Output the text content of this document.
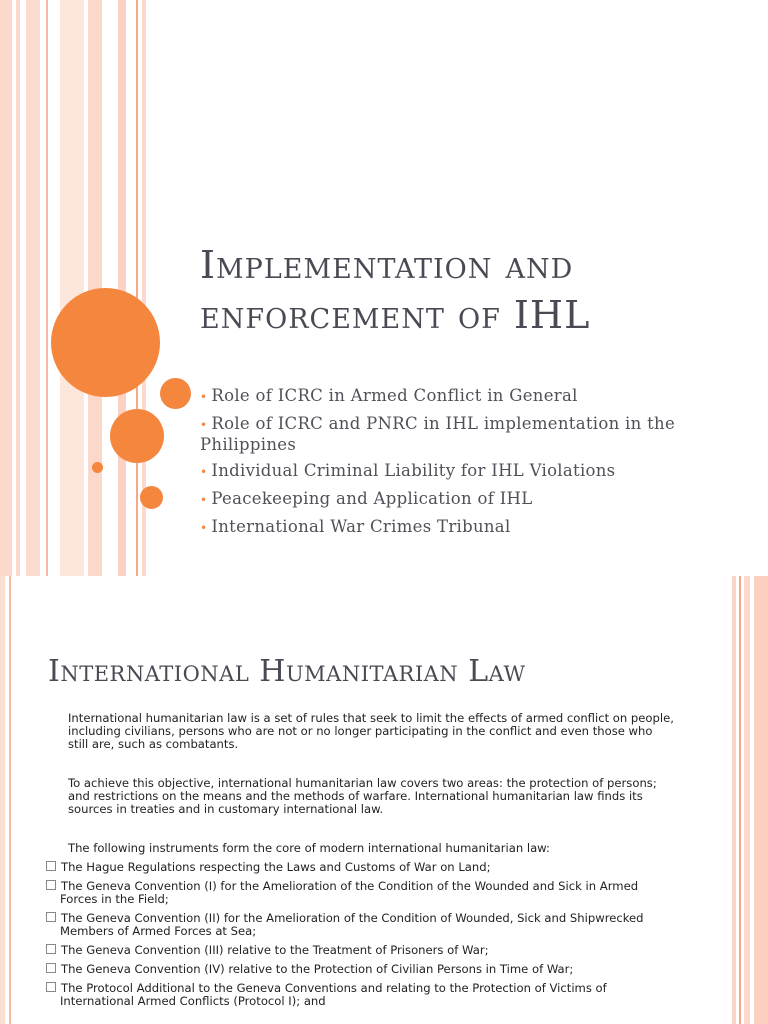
Implementation and
enforcement of IHL
• Role of ICRC in Armed Conflict in General
• Role of ICRC and PNRC in IHL implementation in the Philippines
• Individual Criminal Liability for IHL Violations
• Peacekeeping and Application of IHL
• International War Crimes Tribunal
International Humanitarian Law

International humanitarian law is a set of rules that seek to limit the effects of armed conflict on people, including civilians, persons who are not or no longer participating in the conflict and even those who still are, such as combatants.

To achieve this objective, international humanitarian law covers two areas: the protection of persons; and restrictions on the means and the methods of warfare. International humanitarian law finds its sources in treaties and in customary international law.

The following instruments form the core of modern international humanitarian law:

The Hague Regulations respecting the Laws and Customs of War on Land;

The Geneva Convention (I) for the Amelioration of the Condition of the Wounded and Sick in Armed Forces in the Field;

The Geneva Convention (II) for the Amelioration of the Condition of Wounded, Sick and Shipwrecked Members of Armed Forces at Sea;

The Geneva Convention (III) relative to the Treatment of Prisoners of War;

The Geneva Convention (IV) relative to the Protection of Civilian Persons in Time of War;

The Protocol Additional to the Geneva Conventions and relating to the Protection of Victims of International Armed Conflicts (Protocol I); and
